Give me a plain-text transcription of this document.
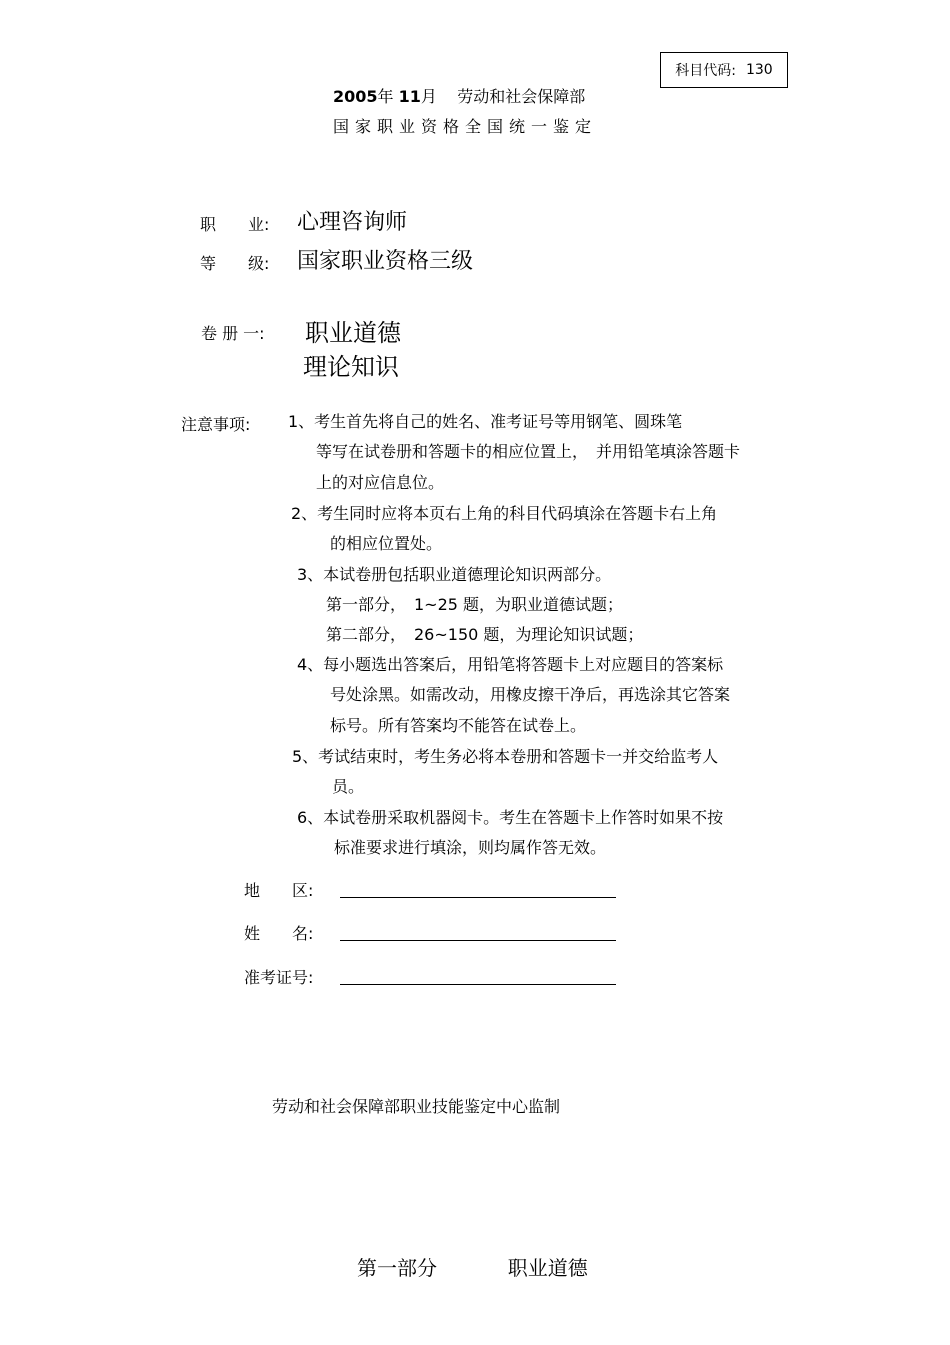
科目代码: 130
2005年 11月 劳动和社会保障部
国家职业资格全国统一鉴定
职　　业: 心理咨询师
等　　级: 国家职业资格三级
卷 册 一: 职业道德
理论知识
注意事项: 1、考生首先将自己的姓名、准考证号等用钢笔、圆珠笔
等写在试卷册和答题卡的相应位置上，　并用铅笔填涂答题卡
上的对应信息位。
2、考生同时应将本页右上角的科目代码填涂在答题卡右上角
的相应位置处。
3、本试卷册包括职业道德理论知识两部分。
第一部分，　1~25 题，为职业道德试题；
第二部分，　26~150 题，为理论知识试题；
4、每小题选出答案后，用铅笔将答题卡上对应题目的答案标
号处涂黑。如需改动，用橡皮擦干净后，再选涂其它答案
标号。所有答案均不能答在试卷上。
5、考试结束时，考生务必将本卷册和答题卡一并交给监考人
员。
6、本试卷册采取机器阅卡。考生在答题卡上作答时如果不按
标准要求进行填涂，则均属作答无效。
地　　区:
姓　　名:
准考证号:
劳动和社会保障部职业技能鉴定中心监制
第一部分	职业道德
